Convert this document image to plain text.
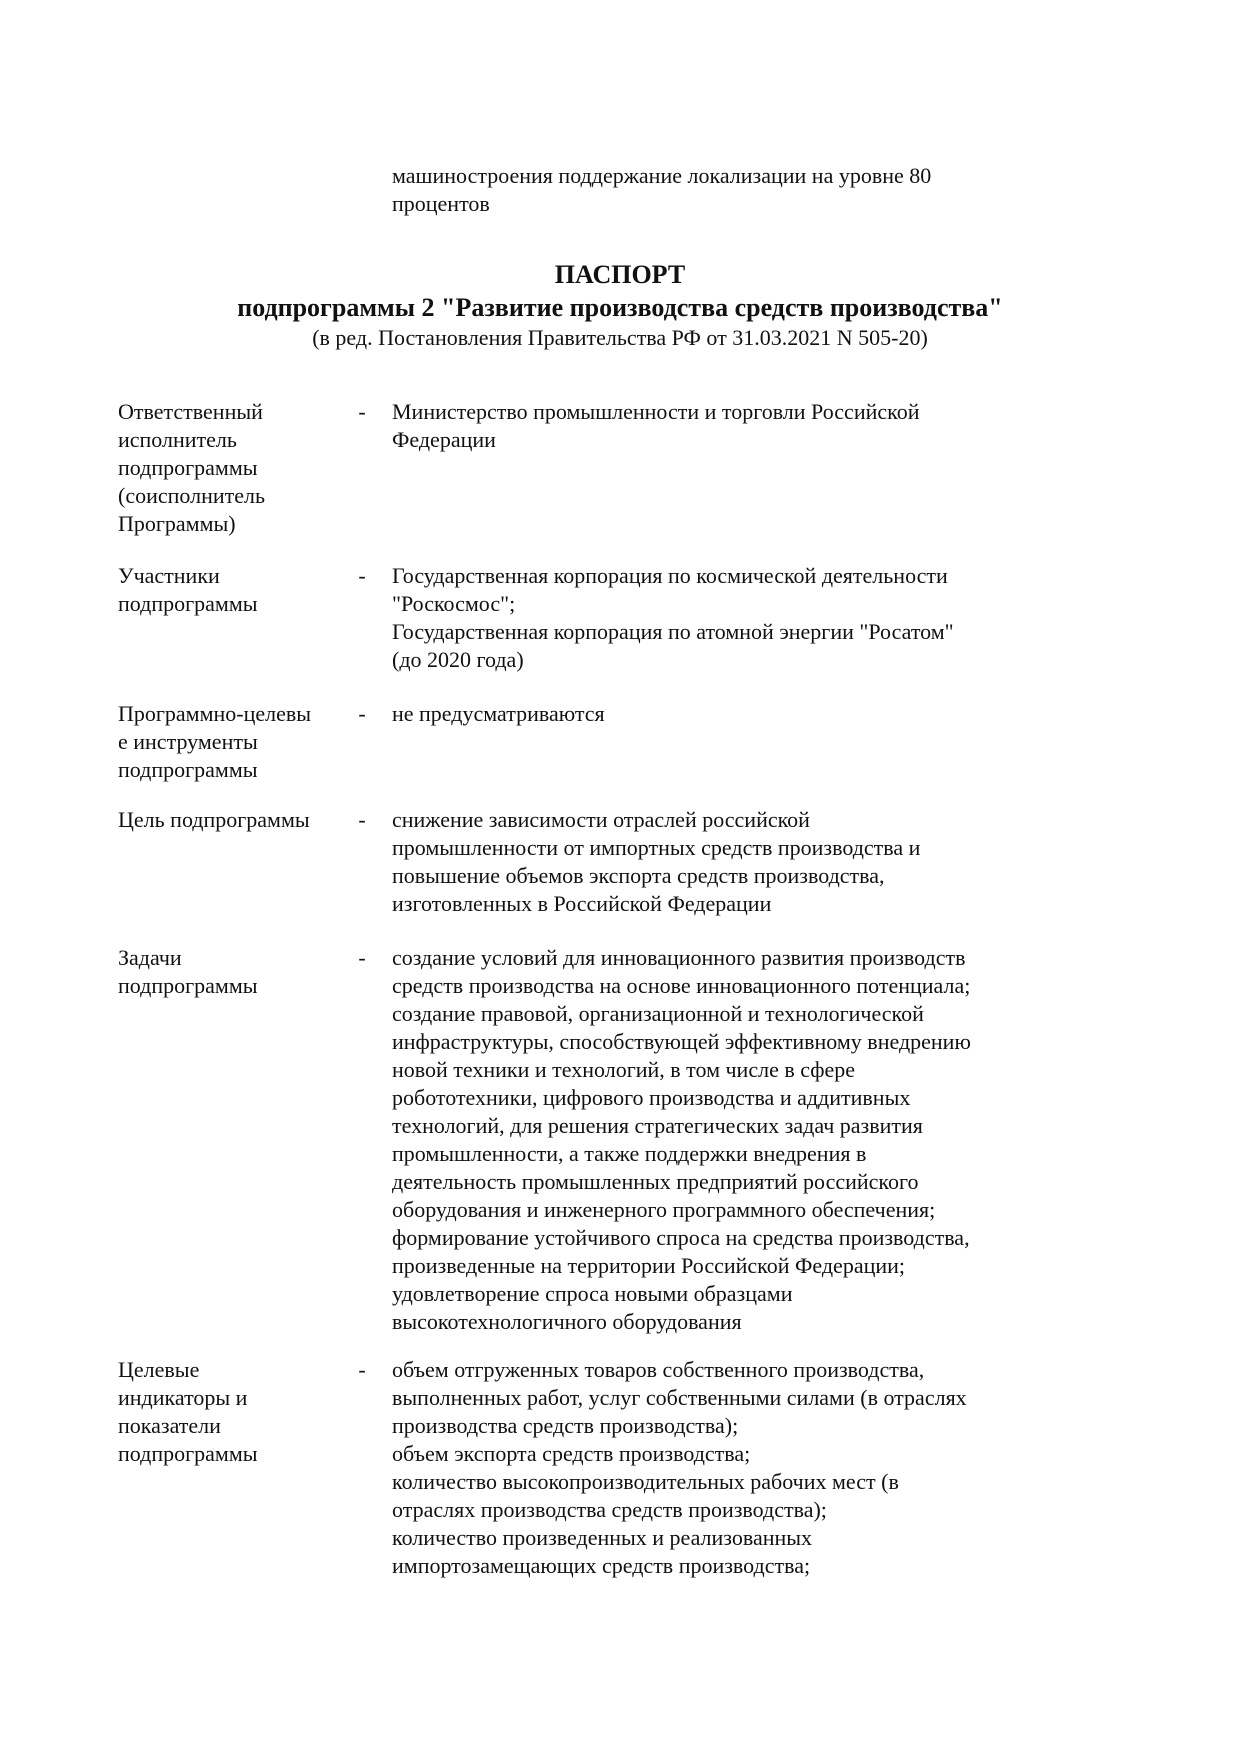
машиностроения поддержание локализации на уровне 80

процентов

ПАСПОРТ
подпрограммы 2 "Развитие производства средств производства"
(в ред. Постановления Правительства РФ от 31.03.2021 N 505-20)

Ответственный

исполнитель

подпрограммы

(соисполнитель

Программы)

- Министерство промышленности и торговли Российской

Федерации

Участники

подпрограммы

- Государственная корпорация по космической деятельности

"Роскосмос";

Государственная корпорация по атомной энергии "Росатом"

(до 2020 года)

Программно-целевы

е инструменты

подпрограммы

- не предусматриваются

Цель подпрограммы	- снижение зависимости отраслей российской

промышленности от импортных средств производства и

повышение объемов экспорта средств производства,

изготовленных в Российской Федерации

Задачи

подпрограммы

- создание условий для инновационного развития производств

средств производства на основе инновационного потенциала;

создание правовой, организационной и технологической

инфраструктуры, способствующей эффективному внедрению

новой техники и технологий, в том числе в сфере

робототехники, цифрового производства и аддитивных

технологий, для решения стратегических задач развития

промышленности, а также поддержки внедрения в

деятельность промышленных предприятий российского

оборудования и инженерного программного обеспечения;

формирование устойчивого спроса на средства производства,

произведенные на территории Российской Федерации;

удовлетворение спроса новыми образцами

высокотехнологичного оборудования

Целевые

индикаторы и

показатели

подпрограммы

- объем отгруженных товаров собственного производства,

выполненных работ, услуг собственными силами (в отраслях

производства средств производства);

объем экспорта средств производства;

количество высокопроизводительных рабочих мест (в

отраслях производства средств производства);

количество произведенных и реализованных

импортозамещающих средств производства;
